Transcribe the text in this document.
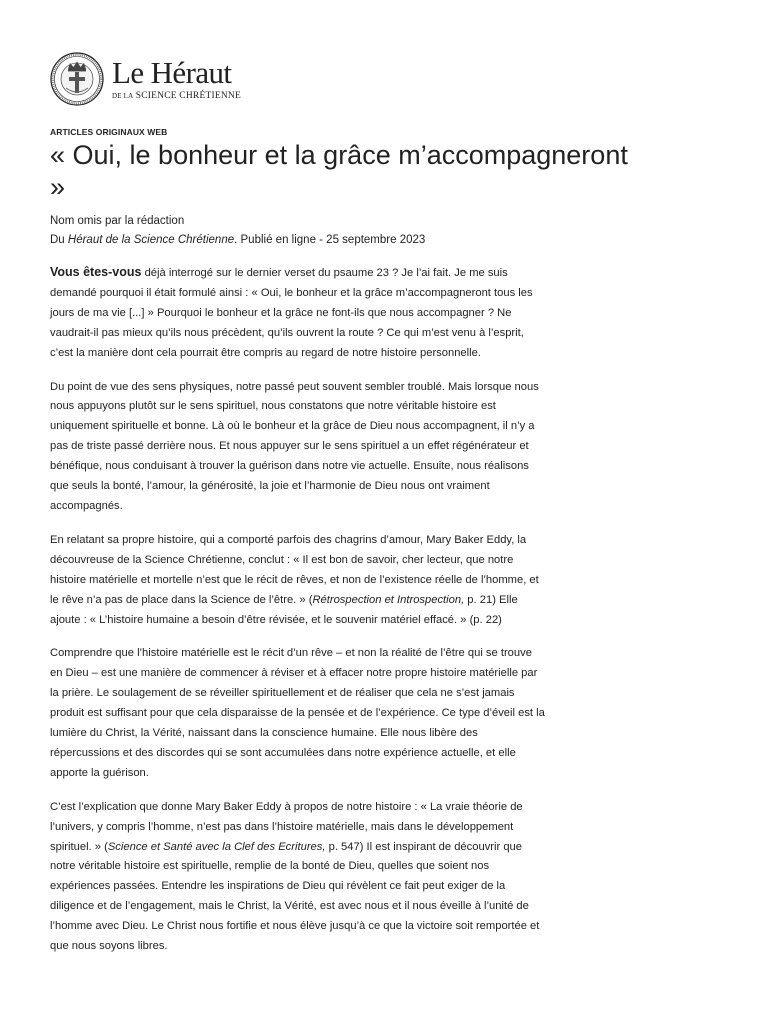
Le Héraut
DE LA SCIENCE CHRÉTIENNE
ARTICLES ORIGINAUX WEB
« Oui, le bonheur et la grâce m’accompagneront »
Nom omis par la rédaction
Du Héraut de la Science Chrétienne. Publié en ligne - 25 septembre 2023

Vous êtes-vous déjà interrogé sur le dernier verset du psaume 23 ? Je l’ai fait. Je me suis demandé pourquoi il était formulé ainsi : « Oui, le bonheur et la grâce m’accompagneront tous les jours de ma vie [...] » Pourquoi le bonheur et la grâce ne font-ils que nous accompagner ? Ne vaudrait-il pas mieux qu’ils nous précèdent, qu’ils ouvrent la route ? Ce qui m’est venu à l’esprit, c’est la manière dont cela pourrait être compris au regard de notre histoire personnelle.

Du point de vue des sens physiques, notre passé peut souvent sembler troublé. Mais lorsque nous nous appuyons plutôt sur le sens spirituel, nous constatons que notre véritable histoire est uniquement spirituelle et bonne. Là où le bonheur et la grâce de Dieu nous accompagnent, il n’y a pas de triste passé derrière nous. Et nous appuyer sur le sens spirituel a un effet régénérateur et bénéfique, nous conduisant à trouver la guérison dans notre vie actuelle. Ensuite, nous réalisons que seuls la bonté, l’amour, la générosité, la joie et l’harmonie de Dieu nous ont vraiment accompagnés.

En relatant sa propre histoire, qui a comporté parfois des chagrins d’amour, Mary Baker Eddy, la découvreuse de la Science Chrétienne, conclut : « Il est bon de savoir, cher lecteur, que notre histoire matérielle et mortelle n’est que le récit de rêves, et non de l’existence réelle de l’homme, et le rêve n’a pas de place dans la Science de l’être. » (Rétrospection et Introspection, p. 21) Elle ajoute : « L’histoire humaine a besoin d’être révisée, et le souvenir matériel effacé. » (p. 22)

Comprendre que l’histoire matérielle est le récit d’un rêve – et non la réalité de l’être qui se trouve en Dieu – est une manière de commencer à réviser et à effacer notre propre histoire matérielle par la prière. Le soulagement de se réveiller spirituellement et de réaliser que cela ne s’est jamais produit est suffisant pour que cela disparaisse de la pensée et de l’expérience. Ce type d’éveil est la lumière du Christ, la Vérité, naissant dans la conscience humaine. Elle nous libère des répercussions et des discordes qui se sont accumulées dans notre expérience actuelle, et elle apporte la guérison.

C’est l’explication que donne Mary Baker Eddy à propos de notre histoire : « La vraie théorie de l’univers, y compris l’homme, n’est pas dans l’histoire matérielle, mais dans le développement spirituel. » (Science et Santé avec la Clef des Ecritures, p. 547) Il est inspirant de découvrir que notre véritable histoire est spirituelle, remplie de la bonté de Dieu, quelles que soient nos expériences passées. Entendre les inspirations de Dieu qui révèlent ce fait peut exiger de la diligence et de l’engagement, mais le Christ, la Vérité, est avec nous et il nous éveille à l’unité de l’homme avec Dieu. Le Christ nous fortifie et nous élève jusqu’à ce que la victoire soit remportée et que nous soyons libres.
